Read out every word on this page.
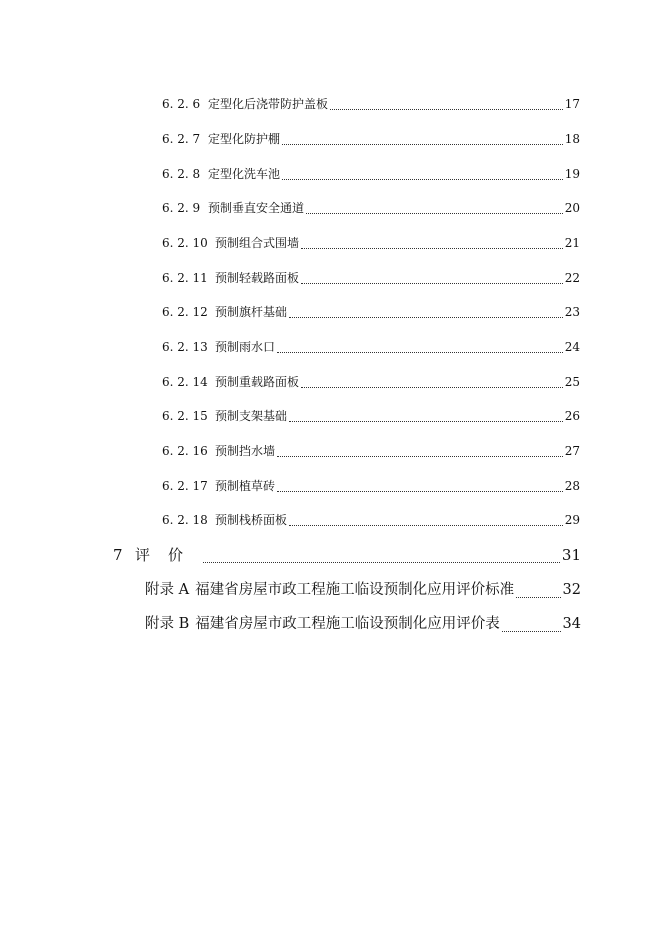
6. 2. 6 定型化后浇带防护盖板	17
6. 2. 7 定型化防护棚	18
6. 2. 8 定型化洗车池	19
6. 2. 9 预制垂直安全通道	20
6. 2. 10 预制组合式围墙	21
6. 2. 11 预制轻载路面板	22
6. 2. 12 预制旗杆基础	23
6. 2. 13 预制雨水口	24
6. 2. 14 预制重载路面板	25
6. 2. 15 预制支架基础	26
6. 2. 16 预制挡水墙	27
6. 2. 17 预制植草砖	28
6. 2. 18 预制栈桥面板	29
7 评价	31
附录 A 福建省房屋市政工程施工临设预制化应用评价标准	32
附录 B 福建省房屋市政工程施工临设预制化应用评价表	34
